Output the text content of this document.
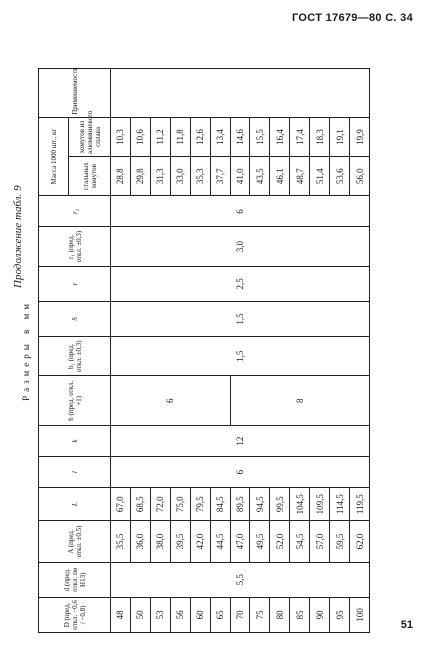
ГОСТ 17679—80 С. 34
Продолжение табл. 9
Размеры в мм
D (пред. откл. −0,6 / −0,8)	d (пред. откл. по Н13)	A (пред. откл. ±0,5)	L	l	k	h (пред. откл. +1)	b₁ (пред. откл. ±0,3)	S	r	r₁ (пред. откл. ±0,3)	r₂	Масса 1000 шт., кг		Применяемость
												стальных хомутов	хомутов из алюминиевого сплава	
48	5,5	35,5	67,0	6	12	6	1,5	1,5	2,5	3,0	6	28,8	10,3	
50		36,0	68,5									29,8	10,6	
53		38,0	72,0									31,3	11,2	
56		39,5	75,0									33,0	11,8	
60		42,0	79,5									35,3	12,6	
65		44,5	84,5									37,7	13,4	
70		47,0	89,5			8						41,0	14,6	
75		49,5	94,5									43,5	15,5	
80		52,0	99,5									46,1	16,4	
85		54,5	104,5									48,7	17,4	
90		57,0	109,5									51,4	18,3	
95		59,5	114,5									53,6	19,1	
100		62,0	119,5									56,0	19,9	
51
